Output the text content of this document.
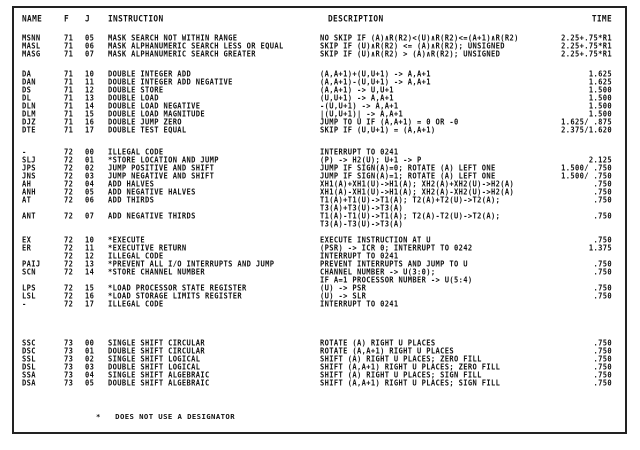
NAME	F J INSTRUCTION	DESCRIPTION	TIME
MSNN	71 05 MASK SEARCH NOT WITHIN RANGE	NO SKIP IF (A)∧R(R2)<(U)∧R(R2)<=(A+1)∧R(R2)	2.25+.75*R1
MASL	71 06 MASK ALPHANUMERIC SEARCH LESS OR EQUAL	SKIP IF (U)∧R(R2) <= (A)∧R(R2); UNSIGNED	2.25+.75*R1
MASG	71 07 MASK ALPHANUMERIC SEARCH GREATER	SKIP IF (U)∧R(R2) > (A)∧R(R2); UNSIGNED	2.25+.75*R1
DA	71 10 DOUBLE INTEGER ADD	(A,A+1)+(U,U+1) -> A,A+1	1.625
DAN	71 11 DOUBLE INTEGER ADD NEGATIVE	(A,A+1)-(U,U+1) -> A,A+1	1.625
DS	71 12 DOUBLE STORE	(A,A+1) -> U,U+1	1.500
DL	71 13 DOUBLE LOAD	(U,U+1) -> A,A+1	1.500
DLN	71 14 DOUBLE LOAD NEGATIVE	-(U,U+1) -> A,A+1	1.500
DLM	71 15 DOUBLE LOAD MAGNITUDE	|(U,U+1)| -> A,A+1	1.500
DJZ	71 16 DOUBLE JUMP ZERO	JUMP TO U IF (A,A+1) = 0 OR -0	1.625/ .875
DTE	71 17 DOUBLE TEST EQUAL	SKIP IF (U,U+1) = (A,A+1)	2.375/1.620
-	72 00 ILLEGAL CODE	INTERRUPT TO 0241
SLJ	72 01 *STORE LOCATION AND JUMP	(P) -> H2(U); U+1 -> P	2.125
JPS	72 02 JUMP POSITIVE AND SHIFT	JUMP IF SIGN(A)=0; ROTATE (A) LEFT ONE	1.500/ .750
JNS	72 03 JUMP NEGATIVE AND SHIFT	JUMP IF SIGN(A)=1; ROTATE (A) LEFT ONE	1.500/ .750
AH	72 04 ADD HALVES	XH1(A)+XH1(U)->H1(A); XH2(A)+XH2(U)->H2(A)	.750
ANH	72 05 ADD NEGATIVE HALVES	XH1(A)-XH1(U)->H1(A); XH2(A)-XH2(U)->H2(A)	.750
AT	72 06 ADD THIRDS	T1(A)+T1(U)->T1(A); T2(A)+T2(U)->T2(A);	.750
T3(A)+T3(U)->T3(A)
ANT	72 07 ADD NEGATIVE THIRDS	T1(A)-T1(U)->T1(A); T2(A)-T2(U)->T2(A);	.750
T3(A)-T3(U)->T3(A)
EX	72 10 *EXECUTE	EXECUTE INSTRUCTION AT U	.750
ER	72 11 *EXECUTIVE RETURN	(PSR) -> ICR 0; INTERRUPT TO 0242	1.375
72 12 ILLEGAL CODE	INTERRUPT TO 0241
PAIJ	72 13 *PREVENT ALL I/O INTERRUPTS AND JUMP	PREVENT INTERRUPTS AND JUMP TO U	.750
SCN	72 14 *STORE CHANNEL NUMBER	CHANNEL NUMBER -> U(3:0);	.750
IF A=1 PROCESSOR NUMBER -> U(5:4)
LPS	72 15 *LOAD PROCESSOR STATE REGISTER	(U) -> PSR	.750
LSL	72 16 *LOAD STORAGE LIMITS REGISTER	(U) -> SLR	.750
-	72 17 ILLEGAL CODE	INTERRUPT TO 0241
SSC	73 00 SINGLE SHIFT CIRCULAR	ROTATE (A) RIGHT U PLACES	.750
DSC	73 01 DOUBLE SHIFT CIRCULAR	ROTATE (A,A+1) RIGHT U PLACES	.750
SSL	73 02 SINGLE SHIFT LOGICAL	SHIFT (A) RIGHT U PLACES; ZERO FILL	.750
DSL	73 03 DOUBLE SHIFT LOGICAL	SHIFT (A,A+1) RIGHT U PLACES; ZERO FILL	.750
SSA	73 04 SINGLE SHIFT ALGEBRAIC	SHIFT (A) RIGHT U PLACES; SIGN FILL	.750
DSA	73 05 DOUBLE SHIFT ALGEBRAIC	SHIFT (A,A+1) RIGHT U PLACES; SIGN FILL	.750
*   DOES NOT USE A DESIGNATOR
